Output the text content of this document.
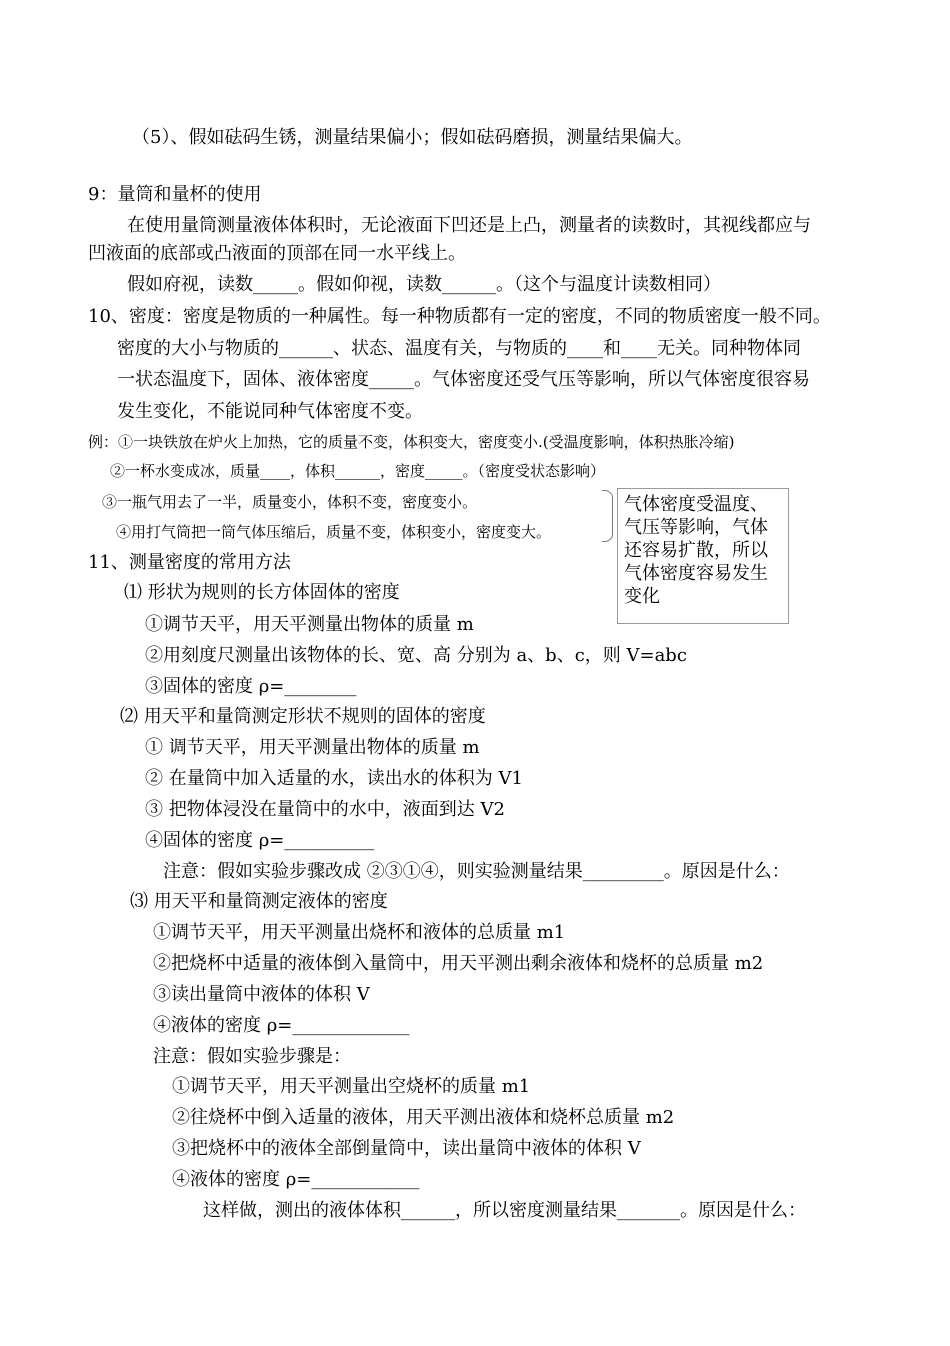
（5）、假如砝码生锈，测量结果偏小；假如砝码磨损，测量结果偏大。
9：量筒和量杯的使用
在使用量筒测量液体体积时，无论液面下凹还是上凸，测量者的读数时，其视线都应与
凹液面的底部或凸液面的顶部在同一水平线上。
假如府视，读数_____。假如仰视，读数______。（这个与温度计读数相同）
10、密度：密度是物质的一种属性。每一种物质都有一定的密度，不同的物质密度一般不同。
密度的大小与物质的______、状态、温度有关，与物质的____和____无关。同种物体同
一状态温度下，固体、液体密度_____。气体密度还受气压等影响，所以气体密度很容易
发生变化，不能说同种气体密度不变。
例：①一块铁放在炉火上加热，它的质量不变，体积变大，密度变小.(受温度影响，体积热胀冷缩)
②一杯水变成冰，质量____，体积______，密度_____。（密度受状态影响）
③一瓶气用去了一半，质量变小，体积不变，密度变小。
④用打气筒把一筒气体压缩后，质量不变，体积变小，密度变大。
11、测量密度的常用方法
⑴ 形状为规则的长方体固体的密度
①调节天平，用天平测量出物体的质量 m
②用刻度尺测量出该物体的长、宽、高 分别为 a、b、c，则 V=abc
③固体的密度 ρ=________
⑵ 用天平和量筒测定形状不规则的固体的密度
① 调节天平，用天平测量出物体的质量 m
② 在量筒中加入适量的水，读出水的体积为 V1
③ 把物体浸没在量筒中的水中，液面到达 V2
④固体的密度 ρ=__________
注意：假如实验步骤改成 ②③①④，则实验测量结果_________。原因是什么：
⑶ 用天平和量筒测定液体的密度
①调节天平，用天平测量出烧杯和液体的总质量 m1
②把烧杯中适量的液体倒入量筒中，用天平测出剩余液体和烧杯的总质量 m2
③读出量筒中液体的体积 V
④液体的密度 ρ=_____________
注意：假如实验步骤是：
①调节天平，用天平测量出空烧杯的质量 m1
②往烧杯中倒入适量的液体，用天平测出液体和烧杯总质量 m2
③把烧杯中的液体全部倒量筒中，读出量筒中液体的体积 V
④液体的密度 ρ=____________
这样做，测出的液体体积______，所以密度测量结果_______。原因是什么：
气体密度受温度、气压等影响，气体还容易扩散，所以气体密度容易发生变化
